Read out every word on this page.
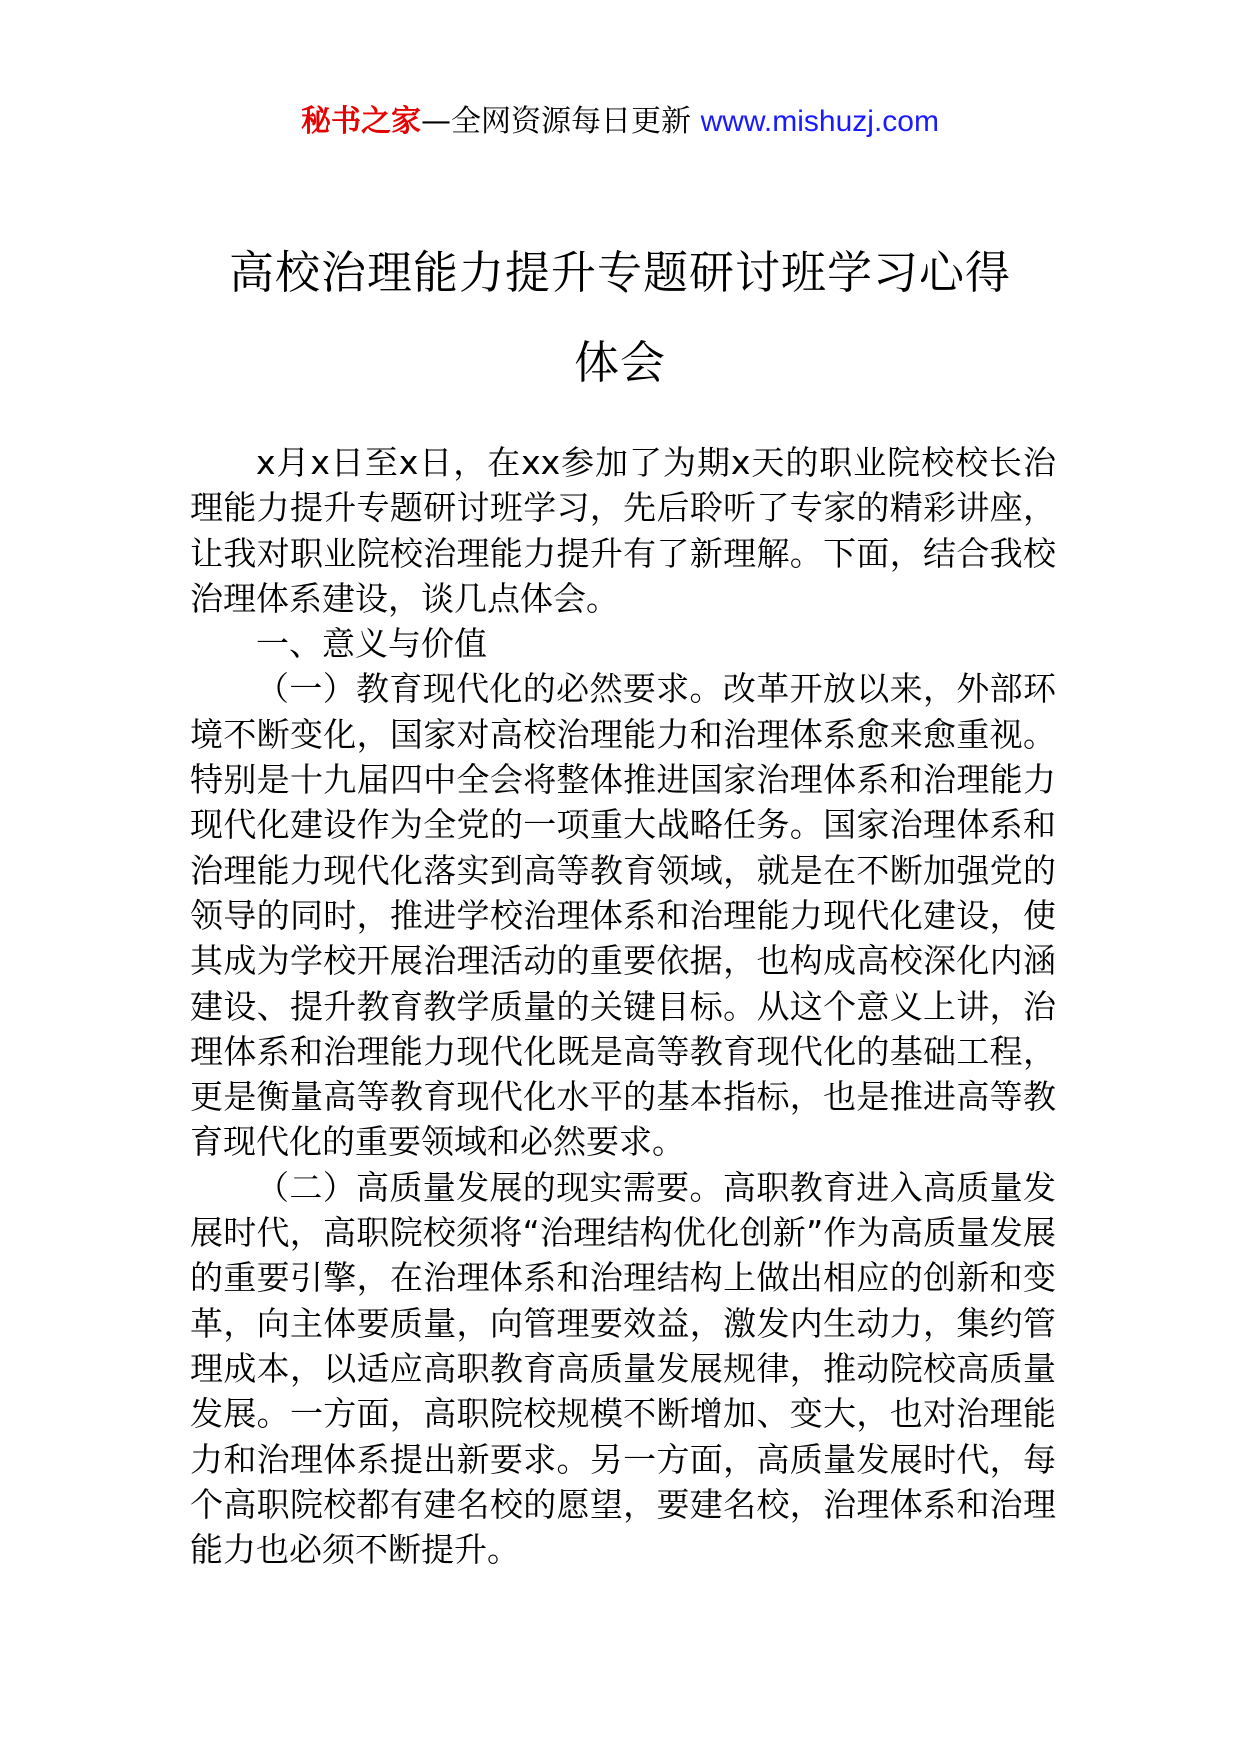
秘书之家—全网资源每日更新 www.mishuzj.com
高校治理能力提升专题研讨班学习心得
体会

x月x日至x日，在xx参加了为期x天的职业院校校长治理能力提升专题研讨班学习，先后聆听了专家的精彩讲座，让我对职业院校治理能力提升有了新理解。下面，结合我校治理体系建设，谈几点体会。

一、意义与价值

（一）教育现代化的必然要求。改革开放以来，外部环境不断变化，国家对高校治理能力和治理体系愈来愈重视。特别是十九届四中全会将整体推进国家治理体系和治理能力现代化建设作为全党的一项重大战略任务。国家治理体系和治理能力现代化落实到高等教育领域，就是在不断加强党的领导的同时，推进学校治理体系和治理能力现代化建设，使其成为学校开展治理活动的重要依据，也构成高校深化内涵建设、提升教育教学质量的关键目标。从这个意义上讲，治理体系和治理能力现代化既是高等教育现代化的基础工程，更是衡量高等教育现代化水平的基本指标，也是推进高等教育现代化的重要领域和必然要求。

（二）高质量发展的现实需要。高职教育进入高质量发展时代，高职院校须将“治理结构优化创新”作为高质量发展的重要引擎，在治理体系和治理结构上做出相应的创新和变革，向主体要质量，向管理要效益，激发内生动力，集约管理成本，以适应高职教育高质量发展规律，推动院校高质量发展。一方面，高职院校规模不断增加、变大，也对治理能力和治理体系提出新要求。另一方面，高质量发展时代，每个高职院校都有建名校的愿望，要建名校，治理体系和治理能力也必须不断提升。
